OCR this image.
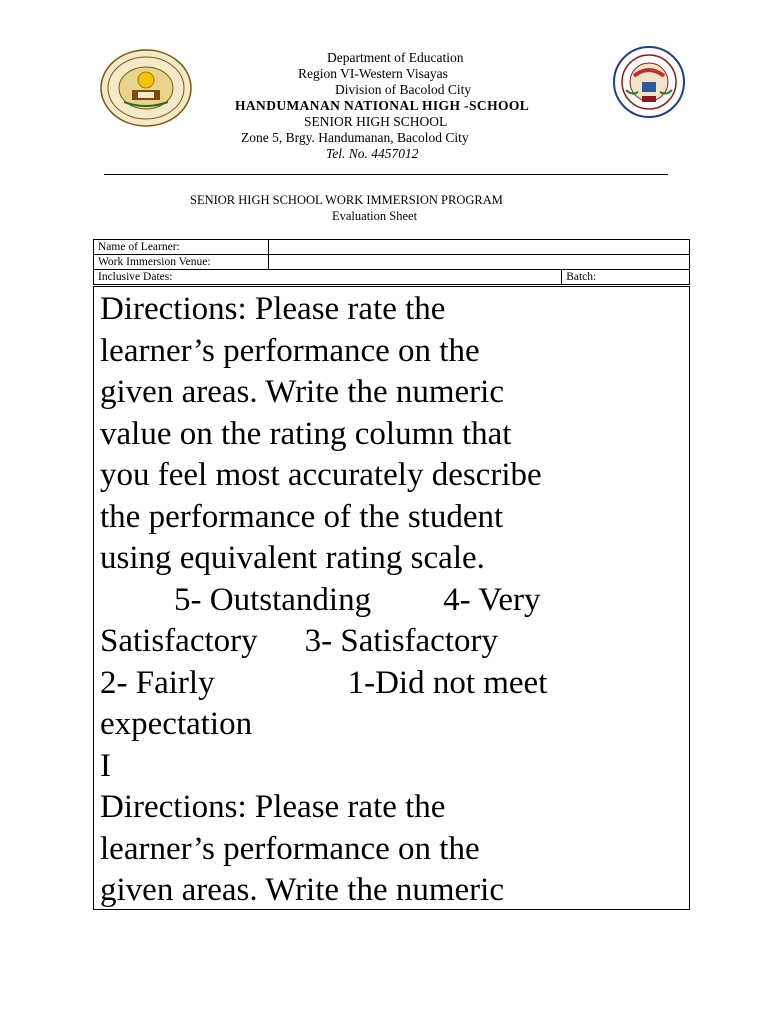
Department of Education
Region VI-Western Visayas
Division of Bacolod City
HANDUMANAN NATIONAL HIGH -SCHOOL
SENIOR HIGH SCHOOL
Zone 5, Brgy. Handumanan, Bacolod City
Tel. No. 4457012
SENIOR HIGH SCHOOL WORK IMMERSION PROGRAM
Evaluation Sheet
Name of Learner:		
Work Immersion Venue:		
Inclusive Dates:		Batch:

Directions: Please rate the

learner’s performance on the

given areas. Write the numeric

value on the rating column that

you feel most accurately describe

the performance of the student

using equivalent rating scale.

5- Outstanding 4- Very

Satisfactory 3- Satisfactory

2- Fairly	1-Did not meet

expectation

I

Directions: Please rate the

learner’s performance on the

given areas. Write the numeric
